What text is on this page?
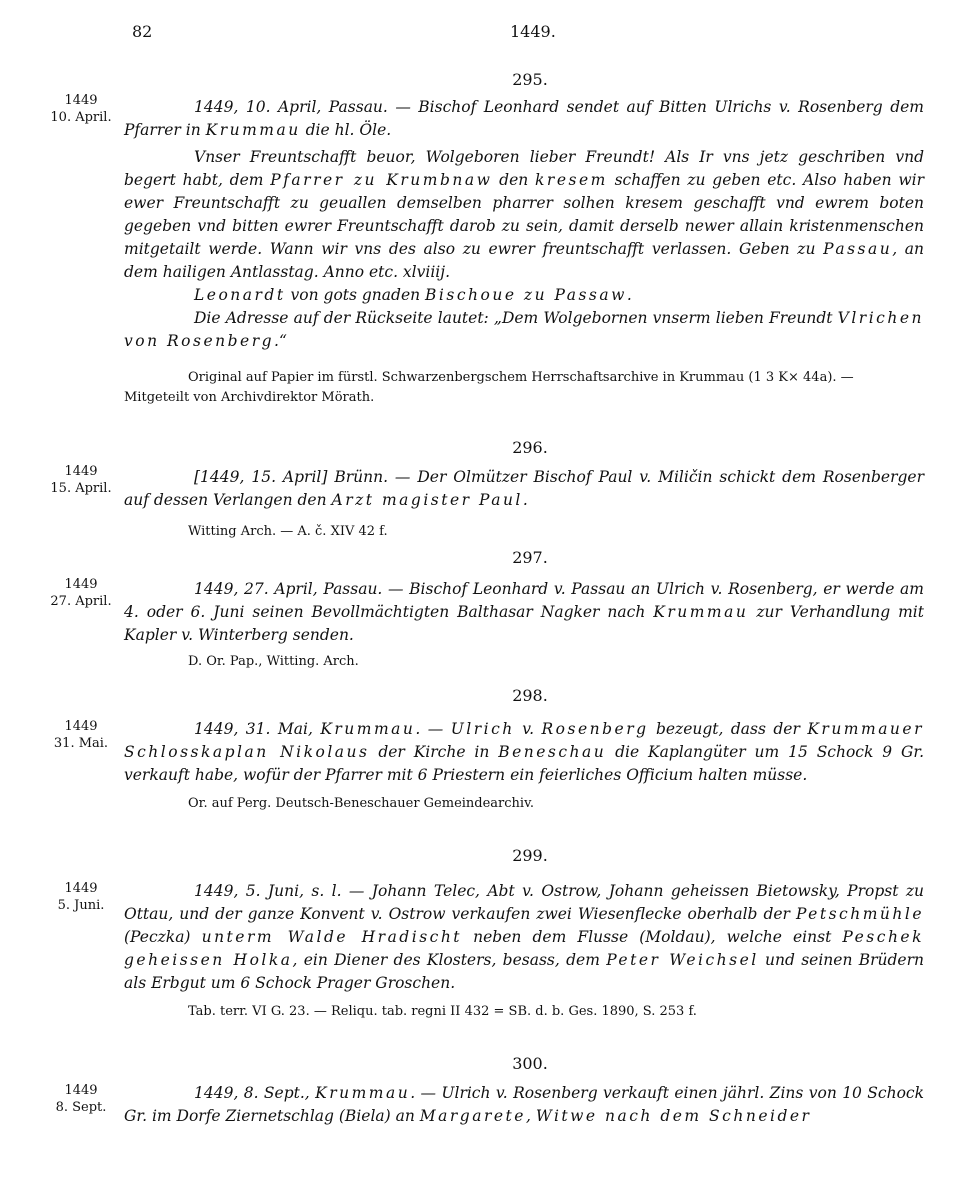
82	1449.
295.
1449
10. April.

1449, 10. April, Passau. — Bischof Leonhard sendet auf Bitten Ulrichs v. Rosenberg dem Pfarrer in Krummau die hl. Öle.

Vnser Freuntschafft beuor, Wolgeboren lieber Freundt! Als Ir vns jetz geschriben vnd begert habt, dem Pfarrer zu Krumbnaw den kresem schaffen zu geben etc. Also haben wir ewer Freuntschafft zu geuallen demselben pharrer solhen kresem geschafft vnd ewrem boten gegeben vnd bitten ewrer Freuntschafft darob zu sein, damit derselb newer allain kristenmenschen mitgetailt werde. Wann wir vns des also zu ewrer freuntschafft verlassen. Geben zu Passau, an dem hailigen Antlasstag. Anno etc. xlviiij.

Leonardt von gots gnaden Bischoue zu Passaw.

Die Adresse auf der Rückseite lautet: „Dem Wolgebornen vnserm lieben Freundt Vlrichen von Rosenberg.“

Original auf Papier im fürstl. Schwarzenbergschem Herrschaftsarchive in Krummau (1 3 K× 44a). —

Mitgeteilt von Archivdirektor Mörath.

296.
1449
15. April.

[1449, 15. April] Brünn. — Der Olmützer Bischof Paul v. Miličin schickt dem Rosenberger auf dessen Verlangen den Arzt magister Paul.

Witting Arch. — A. č. XIV 42 f.

297.
1449
27. April.

1449, 27. April, Passau. — Bischof Leonhard v. Passau an Ulrich v. Rosenberg, er werde am 4. oder 6. Juni seinen Bevollmächtigten Balthasar Nagker nach Krummau zur Verhandlung mit Kapler v. Winterberg senden.

D. Or. Pap., Witting. Arch.

298.
1449
31. Mai.

1449, 31. Mai, Krummau. — Ulrich v. Rosenberg bezeugt, dass der Krummauer Schlosskaplan Nikolaus der Kirche in Beneschau die Kaplangüter um 15 Schock 9 Gr. verkauft habe, wofür der Pfarrer mit 6 Priestern ein feierliches Officium halten müsse.

Or. auf Perg. Deutsch-Beneschauer Gemeindearchiv.

299.
1449
5. Juni.

1449, 5. Juni, s. l. — Johann Telec, Abt v. Ostrow, Johann geheissen Bietowsky, Propst zu Ottau, und der ganze Konvent v. Ostrow verkaufen zwei Wiesenflecke oberhalb der Petschmühle (Peczka) unterm Walde Hradischt neben dem Flusse (Moldau), welche einst Peschek geheissen Holka, ein Diener des Klosters, besass, dem Peter Weichsel und seinen Brüdern als Erbgut um 6 Schock Prager Groschen.

Tab. terr. VI G. 23. — Reliqu. tab. regni II 432 = SB. d. b. Ges. 1890, S. 253 f.

300.
1449
8. Sept.

1449, 8. Sept., Krummau. — Ulrich v. Rosenberg verkauft einen jährl. Zins von 10 Schock Gr. im Dorfe Ziernetschlag (Biela) an Margarete, Witwe nach dem Schneider
